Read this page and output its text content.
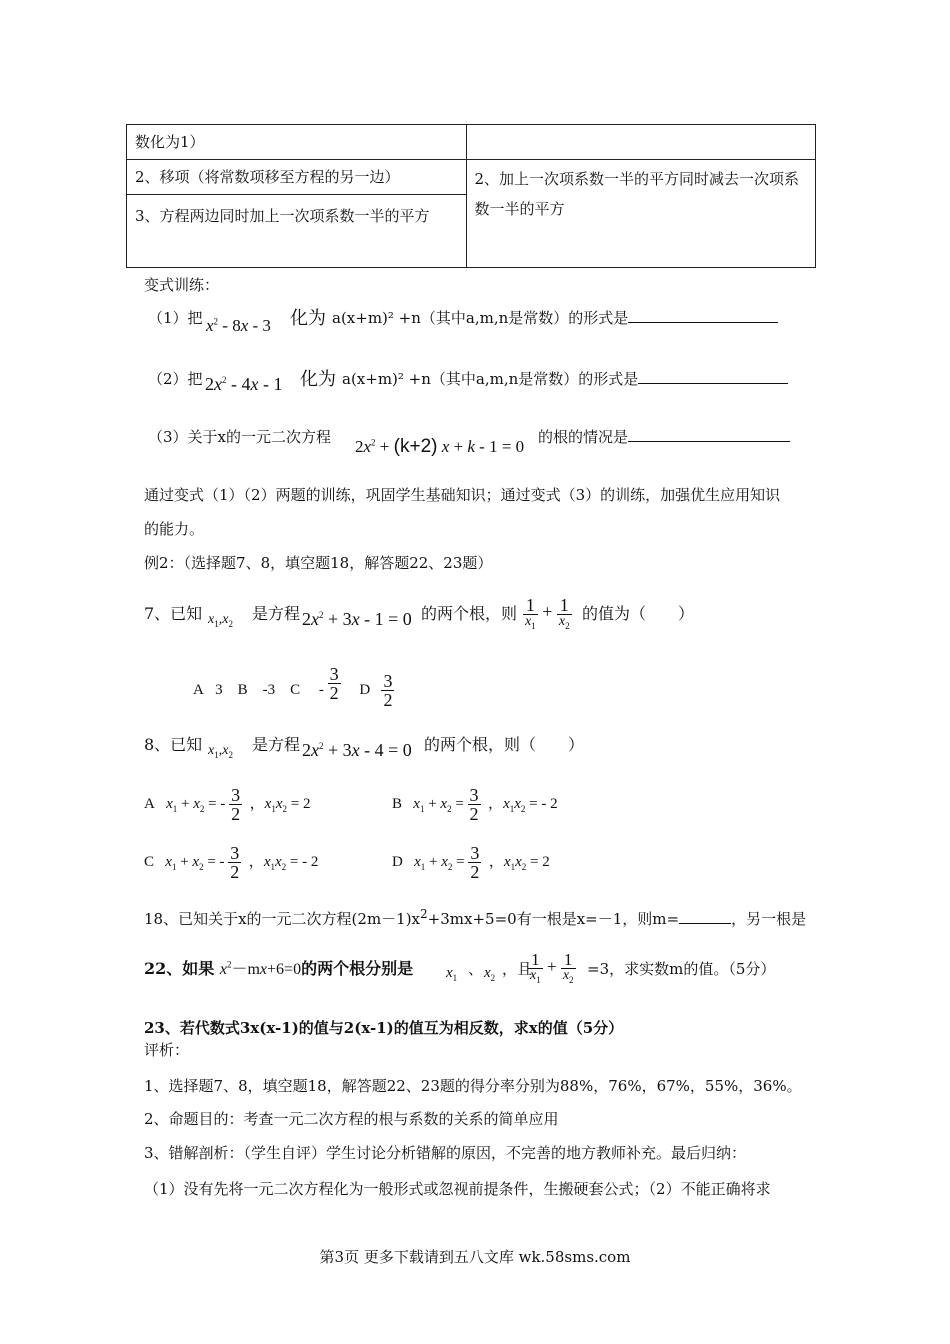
数化为1）	
2、移项（将常数项移至方程的另一边）	2、加上一次项系数一半的平方同时减去一次项系数一半的平方
3、方程两边同时加上一次项系数一半的平方	
变式训练：
（1）把 $x^2 - 8x - 3$ 化为 a(x+m)² +n（其中a,m,n是常数）的形式是
（2）把 $2x^2 - 4x - 1$ 化为 a(x+m)² +n（其中a,m,n是常数）的形式是
（3）关于x的一元二次方程 $2x^2 + (k+2) x + k - 1 = 0$ 的根的情况是
通过变式（1）（2）两题的训练，巩固学生基础知识；通过变式（3）的训练，加强优生应用知识
的能力。
例2：（选择题7、8，填空题18，解答题22、23题）
7、已知 $x_1,x_2$
是方程 $2x^2 + 3x - 1 = 0$ 的两个根，则 $\frac{1}{x_1} + \frac{1}{x_2}$ 的值为（　　）
A   3    B    -3    C     - $\frac{3}{2}$ D $\frac{3}{2}$
8、已知 $x_1,x_2$
是方程 $2x^2 + 3x - 4 = 0$ 的两个根，则（　　）
A   $x_1 + x_2$ = - $\frac{3}{2}$ ，$x_1x_2 = 2$	B   $x_1 + x_2 = \frac{3}{2}$ ，$x_1x_2$ = - 2
C   $x_1 + x_2$ = - $\frac{3}{2}$ ，$x_1x_2$ = - 2	D   $x_1 + x_2 = \frac{3}{2}$ ，$x_1x_2 = 2$
18、已知关于x的一元二次方程$(2m-1)x^2+3mx+5=0$有一根是x=－1，则m=	，另一根是
22、如果 $x^2-mx+6=0$的两个根分别是 $x_1$ 、 $x_2$ ，且
$\frac{1}{x_1} + \frac{1}{x_2} =3$，求实数m的值。（5分）
23、若代数式3x(x-1)的值与2(x-1)的值互为相反数，求x的值（5分）
评析：
1、选择题7、8，填空题18，解答题22、23题的得分率分别为88%，76%，67%，55%，36%。
2、命题目的：考查一元二次方程的根与系数的关系的简单应用
3、错解剖析：（学生自评）学生讨论分析错解的原因，不完善的地方教师补充。最后归纳：
（1）没有先将一元二次方程化为一般形式或忽视前提条件，生搬硬套公式；（2）不能正确将求
第3页 更多下载请到五八文库 wk.58sms.com
